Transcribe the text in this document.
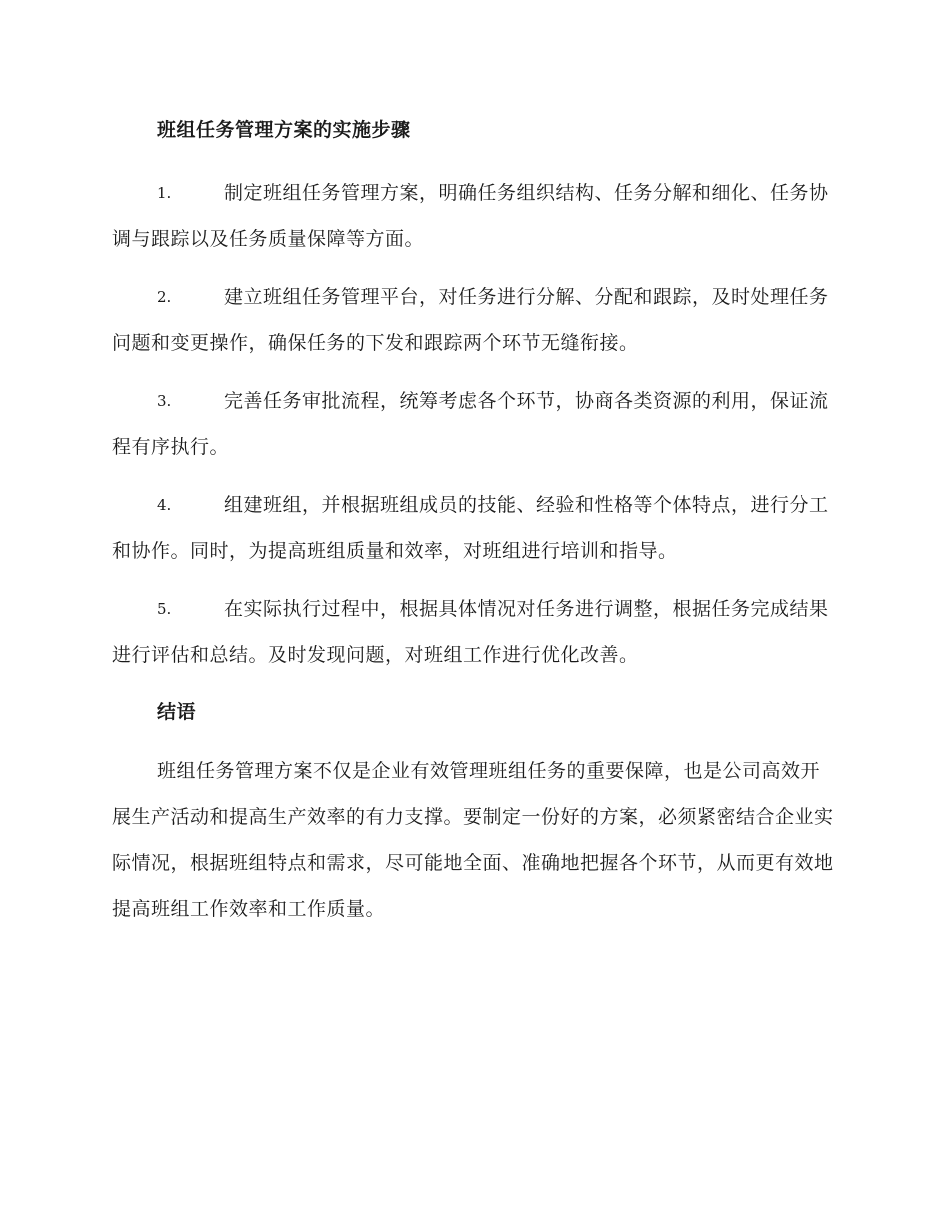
班组任务管理方案的实施步骤
1.	制定班组任务管理方案，明确任务组织结构、任务分解和细化、任务协调与跟踪以及任务质量保障等方面。
2.	建立班组任务管理平台，对任务进行分解、分配和跟踪，及时处理任务问题和变更操作，确保任务的下发和跟踪两个环节无缝衔接。
3.	完善任务审批流程，统筹考虑各个环节，协商各类资源的利用，保证流程有序执行。
4.	组建班组，并根据班组成员的技能、经验和性格等个体特点，进行分工和协作。同时，为提高班组质量和效率，对班组进行培训和指导。
5.	在实际执行过程中，根据具体情况对任务进行调整，根据任务完成结果进行评估和总结。及时发现问题，对班组工作进行优化改善。
结语

班组任务管理方案不仅是企业有效管理班组任务的重要保障，也是公司高效开展生产活动和提高生产效率的有力支撑。要制定一份好的方案，必须紧密结合企业实际情况，根据班组特点和需求，尽可能地全面、准确地把握各个环节，从而更有效地提高班组工作效率和工作质量。
